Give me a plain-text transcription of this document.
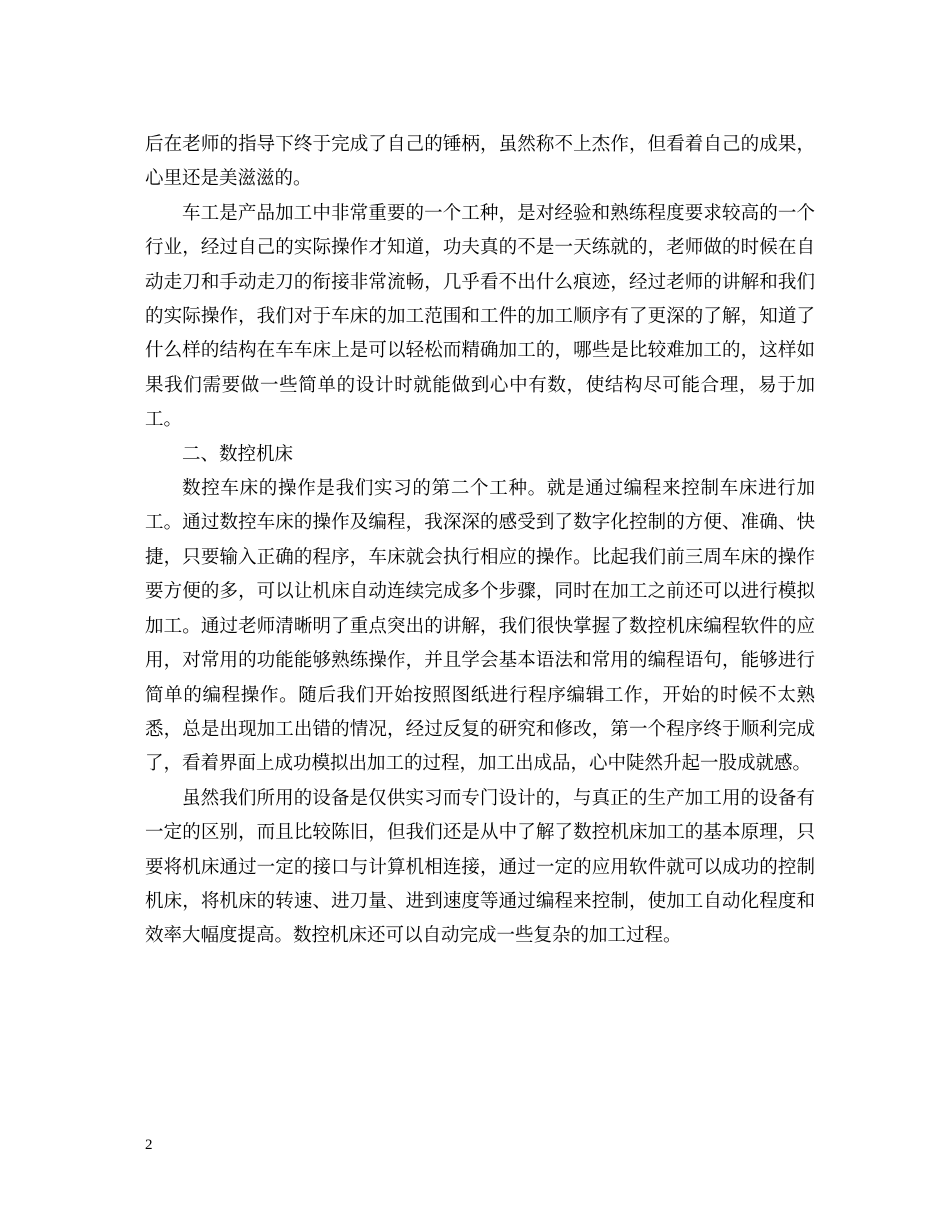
后在老师的指导下终于完成了自己的锤柄，虽然称不上杰作，但看着自己的成果，心里还是美滋滋的。

车工是产品加工中非常重要的一个工种，是对经验和熟练程度要求较高的一个行业，经过自己的实际操作才知道，功夫真的不是一天练就的，老师做的时候在自动走刀和手动走刀的衔接非常流畅，几乎看不出什么痕迹，经过老师的讲解和我们的实际操作，我们对于车床的加工范围和工件的加工顺序有了更深的了解，知道了什么样的结构在车车床上是可以轻松而精确加工的，哪些是比较难加工的，这样如果我们需要做一些简单的设计时就能做到心中有数，使结构尽可能合理，易于加工。

二、数控机床

数控车床的操作是我们实习的第二个工种。就是通过编程来控制车床进行加工。通过数控车床的操作及编程，我深深的感受到了数字化控制的方便、准确、快捷，只要输入正确的程序，车床就会执行相应的操作。比起我们前三周车床的操作要方便的多，可以让机床自动连续完成多个步骤，同时在加工之前还可以进行模拟加工。通过老师清晰明了重点突出的讲解，我们很快掌握了数控机床编程软件的应用，对常用的功能能够熟练操作，并且学会基本语法和常用的编程语句，能够进行简单的编程操作。随后我们开始按照图纸进行程序编辑工作，开始的时候不太熟悉，总是出现加工出错的情况，经过反复的研究和修改，第一个程序终于顺利完成了，看着界面上成功模拟出加工的过程，加工出成品，心中陡然升起一股成就感。

虽然我们所用的设备是仅供实习而专门设计的，与真正的生产加工用的设备有一定的区别，而且比较陈旧，但我们还是从中了解了数控机床加工的基本原理，只要将机床通过一定的接口与计算机相连接，通过一定的应用软件就可以成功的控制机床，将机床的转速、进刀量、进到速度等通过编程来控制，使加工自动化程度和效率大幅度提高。数控机床还可以自动完成一些复杂的加工过程。

2
